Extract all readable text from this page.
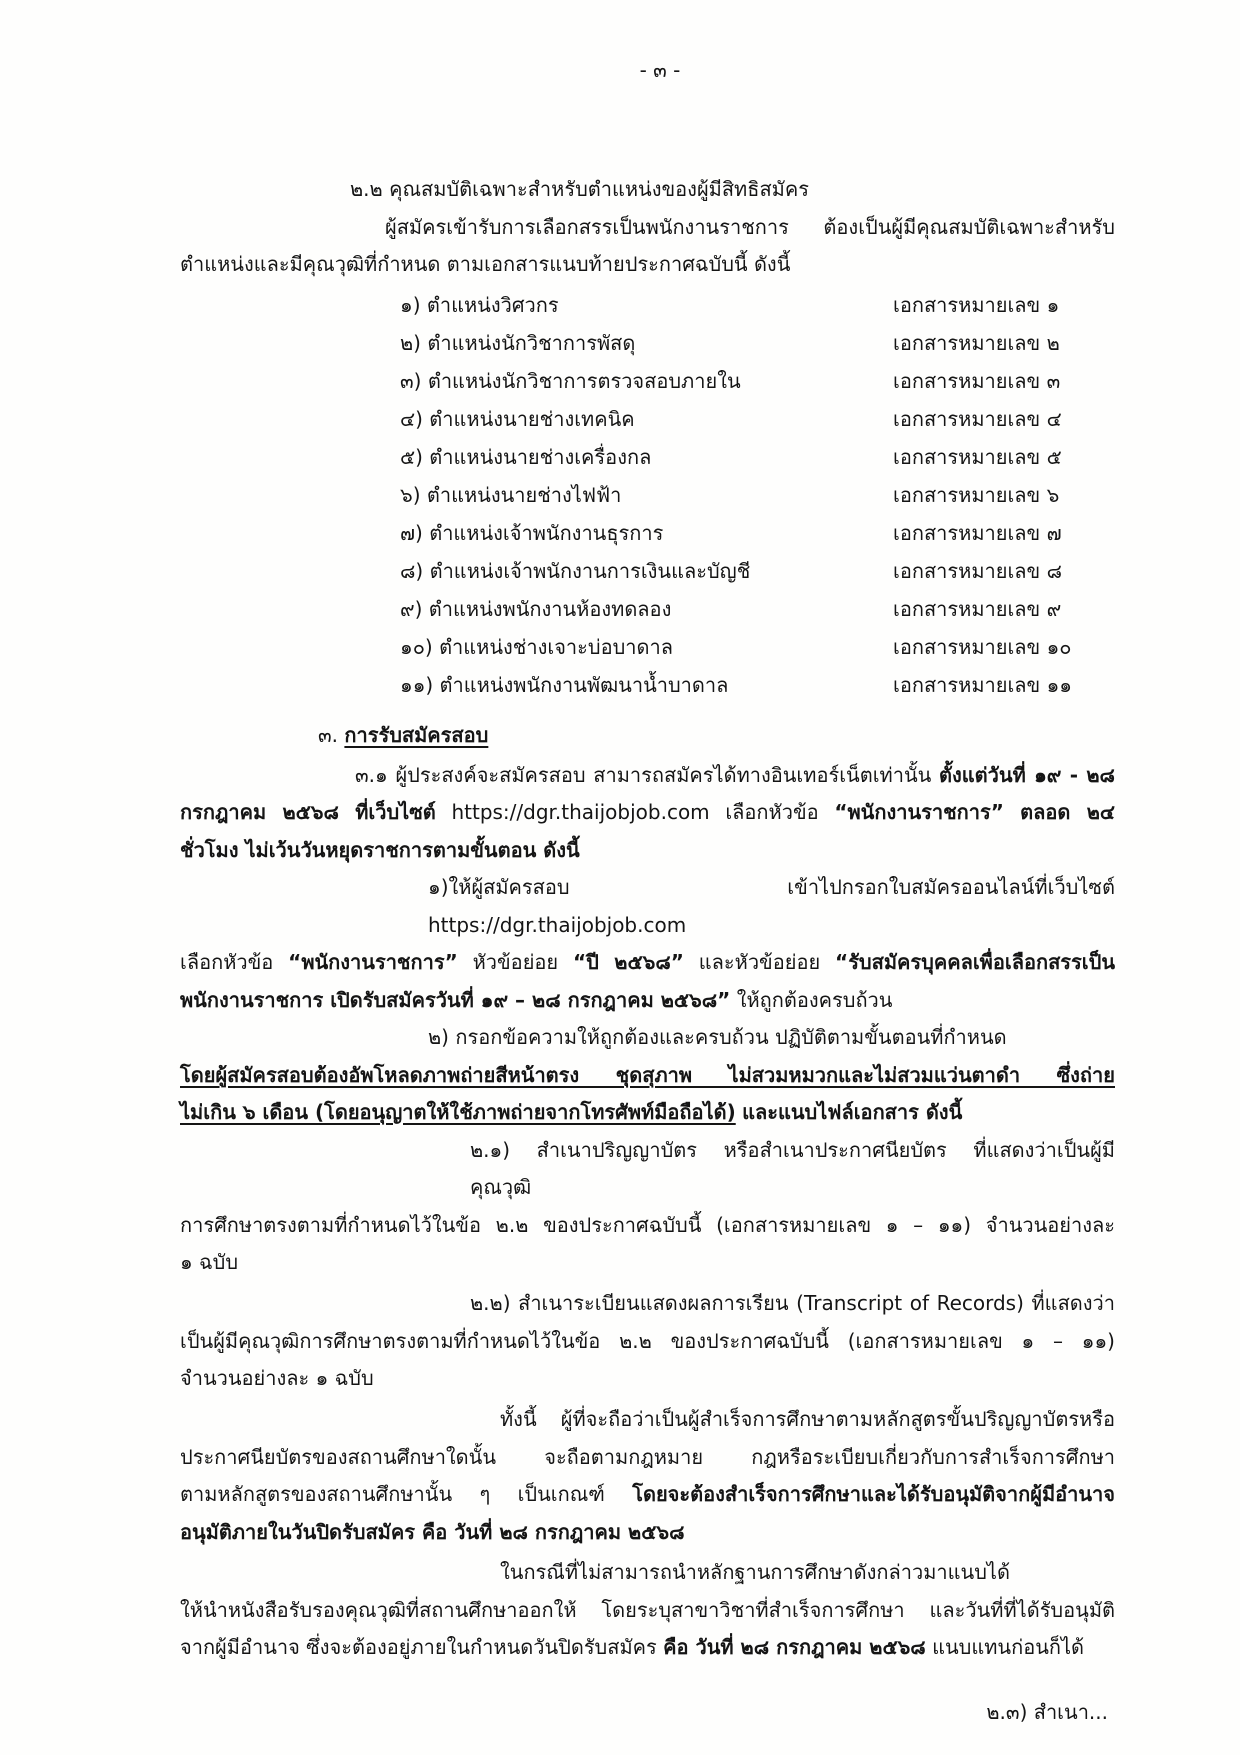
- ๓ -
๒.๒ คุณสมบัติเฉพาะสำหรับตำแหน่งของผู้มีสิทธิสมัคร
ผู้สมัครเข้ารับการเลือกสรรเป็นพนักงานราชการ ต้องเป็นผู้มีคุณสมบัติเฉพาะสำหรับ
ตำแหน่งและมีคุณวุฒิที่กำหนด ตามเอกสารแนบท้ายประกาศฉบับนี้ ดังนี้
๑) ตำแหน่งวิศวกร	เอกสารหมายเลข ๑
๒) ตำแหน่งนักวิชาการพัสดุ	เอกสารหมายเลข ๒
๓) ตำแหน่งนักวิชาการตรวจสอบภายใน	เอกสารหมายเลข ๓
๔) ตำแหน่งนายช่างเทคนิค	เอกสารหมายเลข ๔
๕) ตำแหน่งนายช่างเครื่องกล	เอกสารหมายเลข ๕
๖) ตำแหน่งนายช่างไฟฟ้า	เอกสารหมายเลข ๖
๗) ตำแหน่งเจ้าพนักงานธุรการ	เอกสารหมายเลข ๗
๘) ตำแหน่งเจ้าพนักงานการเงินและบัญชี	เอกสารหมายเลข ๘
๙) ตำแหน่งพนักงานห้องทดลอง	เอกสารหมายเลข ๙
๑๐) ตำแหน่งช่างเจาะบ่อบาดาล	เอกสารหมายเลข ๑๐
๑๑) ตำแหน่งพนักงานพัฒนาน้ำบาดาล	เอกสารหมายเลข ๑๑
๓. การรับสมัครสอบ
๓.๑ ผู้ประสงค์จะสมัครสอบ สามารถสมัครได้ทางอินเทอร์เน็ตเท่านั้น ตั้งแต่วันที่ ๑๙ - ๒๘
กรกฎาคม ๒๕๖๘ ที่เว็บไซต์ https://dgr.thaijobjob.com เลือกหัวข้อ “พนักงานราชการ” ตลอด ๒๔
ชั่วโมง ไม่เว้นวันหยุดราชการตามขั้นตอน ดังนี้
๑)ให้ผู้สมัครสอบ เข้าไปกรอกใบสมัครออนไลน์ที่เว็บไซต์ https://dgr.thaijobjob.com
เลือกหัวข้อ “พนักงานราชการ” หัวข้อย่อย “ปี ๒๕๖๘” และหัวข้อย่อย “รับสมัครบุคคลเพื่อเลือกสรรเป็น
พนักงานราชการ เปิดรับสมัครวันที่ ๑๙ – ๒๘ กรกฎาคม ๒๕๖๘” ให้ถูกต้องครบถ้วน
๒) กรอกข้อความให้ถูกต้องและครบถ้วน ปฏิบัติตามขั้นตอนที่กำหนด
โดยผู้สมัครสอบต้องอัพโหลดภาพถ่ายสีหน้าตรง ชุดสุภาพ ไม่สวมหมวกและไม่สวมแว่นตาดำ ซึ่งถ่าย
ไม่เกิน ๖ เดือน (โดยอนุญาตให้ใช้ภาพถ่ายจากโทรศัพท์มือถือได้) และแนบไฟล์เอกสาร ดังนี้
๒.๑) สำเนาปริญญาบัตร หรือสำเนาประกาศนียบัตร ที่แสดงว่าเป็นผู้มีคุณวุฒิ
การศึกษาตรงตามที่กำหนดไว้ในข้อ ๒.๒ ของประกาศฉบับนี้ (เอกสารหมายเลข ๑ – ๑๑) จำนวนอย่างละ
๑ ฉบับ
๒.๒) สำเนาระเบียนแสดงผลการเรียน (Transcript of Records) ที่แสดงว่า
เป็นผู้มีคุณวุฒิการศึกษาตรงตามที่กำหนดไว้ในข้อ ๒.๒ ของประกาศฉบับนี้ (เอกสารหมายเลข ๑ – ๑๑)
จำนวนอย่างละ ๑ ฉบับ
ทั้งนี้ ผู้ที่จะถือว่าเป็นผู้สำเร็จการศึกษาตามหลักสูตรขั้นปริญญาบัตรหรือ
ประกาศนียบัตรของสถานศึกษาใดนั้น จะถือตามกฎหมาย กฎหรือระเบียบเกี่ยวกับการสำเร็จการศึกษา
ตามหลักสูตรของสถานศึกษานั้น ๆ เป็นเกณฑ์ โดยจะต้องสำเร็จการศึกษาและได้รับอนุมัติจากผู้มีอำนาจ
อนุมัติภายในวันปิดรับสมัคร คือ วันที่ ๒๘ กรกฎาคม ๒๕๖๘
ในกรณีที่ไม่สามารถนำหลักฐานการศึกษาดังกล่าวมาแนบได้
ให้นำหนังสือรับรองคุณวุฒิที่สถานศึกษาออกให้ โดยระบุสาขาวิชาที่สำเร็จการศึกษา และวันที่ที่ได้รับอนุมัติ
จากผู้มีอำนาจ ซึ่งจะต้องอยู่ภายในกำหนดวันปิดรับสมัคร คือ วันที่ ๒๘ กรกฎาคม ๒๕๖๘ แนบแทนก่อนก็ได้
๒.๓) สำเนา...
